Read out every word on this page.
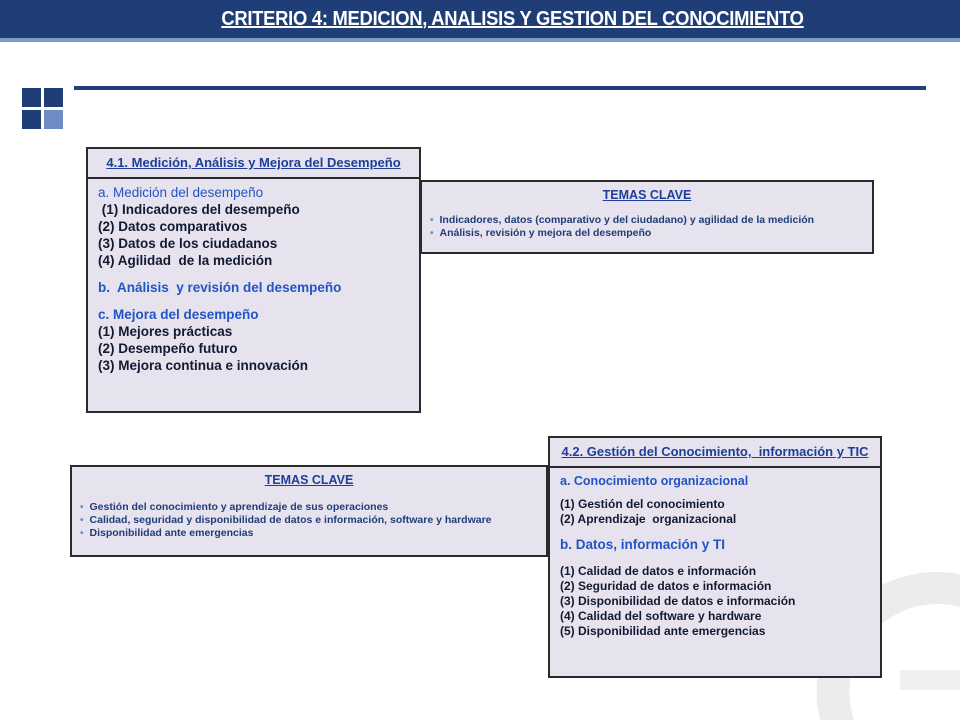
CRITERIO 4: MEDICION, ANALISIS Y GESTION DEL CONOCIMIENTO
4.1. Medición, Análisis y Mejora del Desempeño
a. Medición del desempeño
(1) Indicadores del desempeño
(2) Datos comparativos
(3) Datos de los ciudadanos
(4) Agilidad  de la medición
b.  Análisis  y revisión del desempeño
c. Mejora del desempeño
(1) Mejores prácticas
(2) Desempeño futuro
(3) Mejora continua e innovación
TEMAS CLAVE
• Indicadores, datos (comparativo y del ciudadano) y agilidad de la medición
• Análisis, revisión y mejora del desempeño
TEMAS CLAVE
• Gestión del conocimiento y aprendizaje de sus operaciones
• Calidad, seguridad y disponibilidad de datos e información, software y hardware
• Disponibilidad ante emergencias
4.2. Gestión del Conocimiento,  información y TIC
a. Conocimiento organizacional
(1) Gestión del conocimiento
(2) Aprendizaje  organizacional
b. Datos, información y TI
(1) Calidad de datos e información
(2) Seguridad de datos e información
(3) Disponibilidad de datos e información
(4) Calidad del software y hardware
(5) Disponibilidad ante emergencias
